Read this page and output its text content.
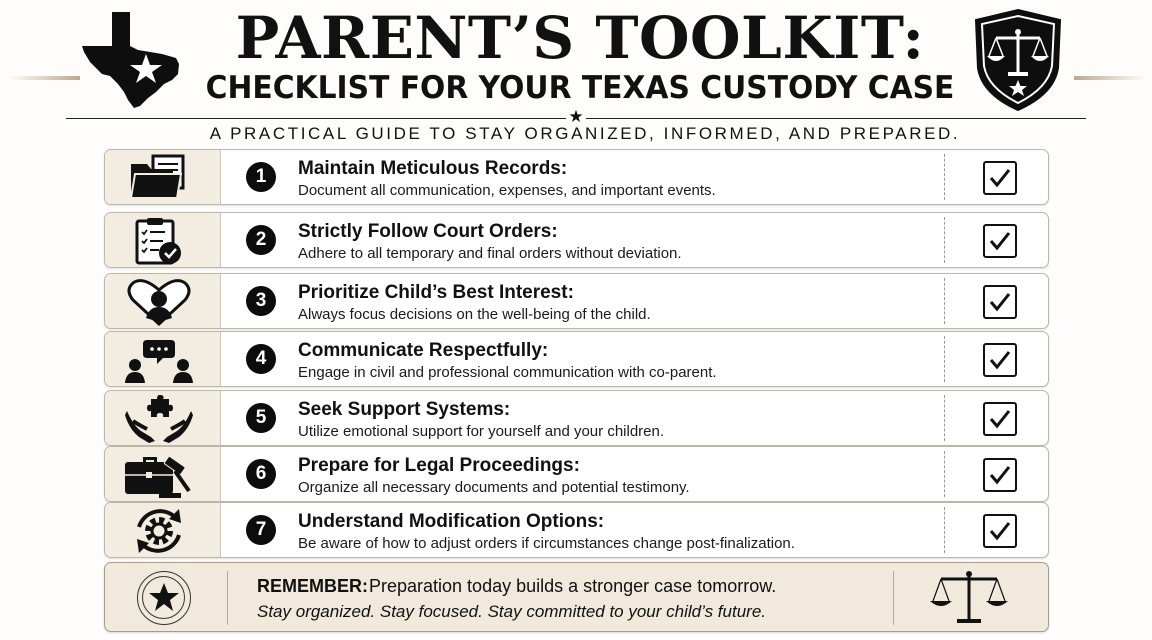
PARENT’S TOOLKIT:
CHECKLIST FOR YOUR TEXAS CUSTODY CASE
★
A PRACTICAL GUIDE TO STAY ORGANIZED, INFORMED, AND PREPARED.
1	Maintain Meticulous Records:
Document all communication, expenses, and important events.
2	Strictly Follow Court Orders:
Adhere to all temporary and final orders without deviation.
3	Prioritize Child’s Best Interest:
Always focus decisions on the well-being of the child.
4	Communicate Respectfully:
Engage in civil and professional communication with co-parent.
5	Seek Support Systems:
Utilize emotional support for yourself and your children.
6	Prepare for Legal Proceedings:
Organize all necessary documents and potential testimony.
7	Understand Modification Options:
Be aware of how to adjust orders if circumstances change post-finalization.
REMEMBER: Preparation today builds a stronger case tomorrow.
Stay organized. Stay focused. Stay committed to your child’s future.
